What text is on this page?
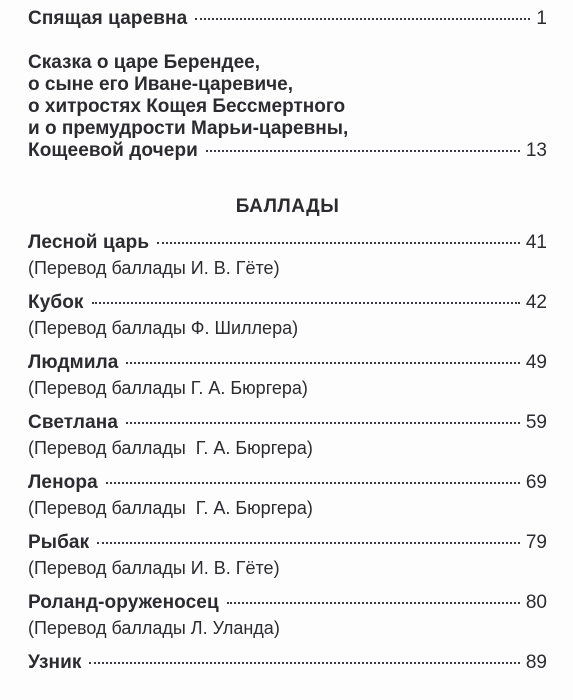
Спящая царевна	1
Сказка о царе Берендее,
о сыне его Иване-царевиче,
о хитростях Кощея Бессмертного
и о премудрости Марьи-царевны,
Кощеевой дочери	13
БАЛЛАДЫ
Лесной царь	41
(Перевод баллады И. В. Гёте)
Кубок	42
(Перевод баллады Ф. Шиллера)
Людмила	49
(Перевод баллады Г. А. Бюргера)
Светлана	59
(Перевод баллады  Г. А. Бюргера)
Ленора	69
(Перевод баллады  Г. А. Бюргера)
Рыбак	79
(Перевод баллады И. В. Гёте)
Роланд-оруженосец	80
(Перевод баллады Л. Уланда)
Узник	89
